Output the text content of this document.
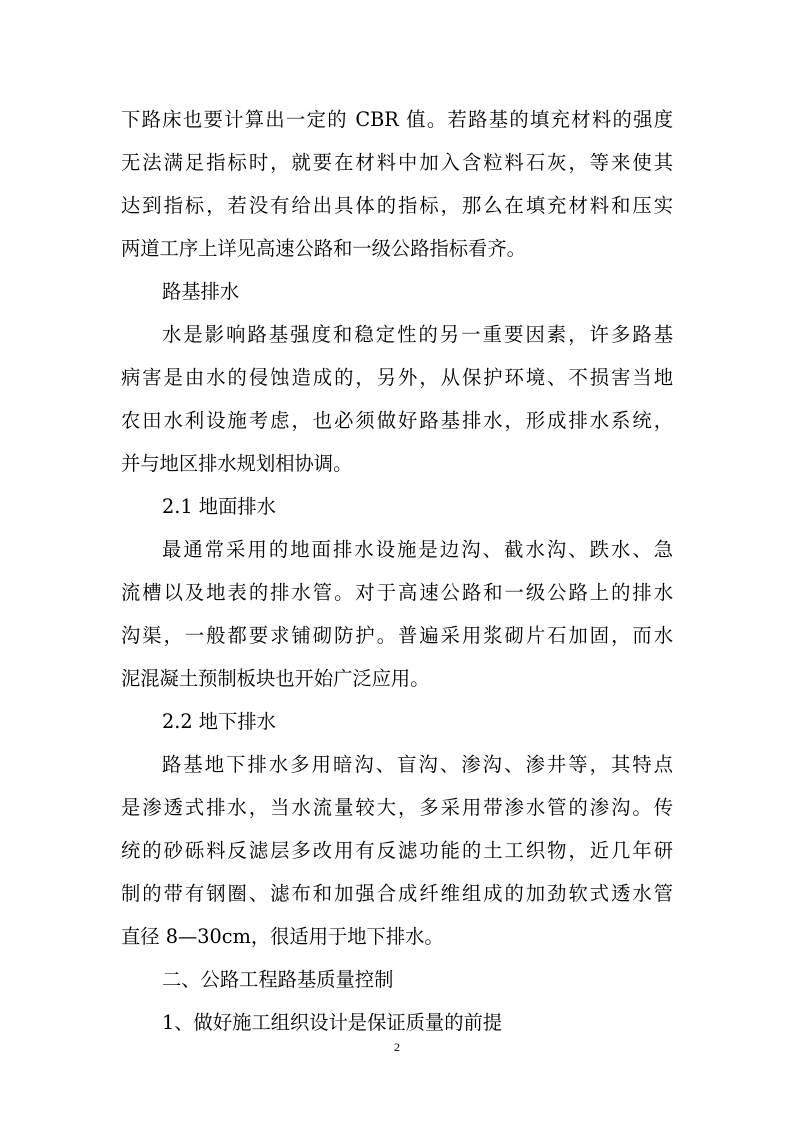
下路床也要计算出一定的 CBR 值。若路基的填充材料的强度
无法满足指标时，就要在材料中加入含粒料石灰，等来使其
达到指标，若没有给出具体的指标，那么在填充材料和压实
两道工序上详见高速公路和一级公路指标看齐。
路基排水
水是影响路基强度和稳定性的另一重要因素，许多路基
病害是由水的侵蚀造成的，另外，从保护环境、不损害当地
农田水利设施考虑，也必须做好路基排水，形成排水系统，
并与地区排水规划相协调。
2.1 地面排水
最通常采用的地面排水设施是边沟、截水沟、跌水、急
流槽以及地表的排水管。对于高速公路和一级公路上的排水
沟渠，一般都要求铺砌防护。普遍采用浆砌片石加固，而水
泥混凝土预制板块也开始广泛应用。
2.2 地下排水
路基地下排水多用暗沟、盲沟、渗沟、渗井等，其特点
是渗透式排水，当水流量较大，多采用带渗水管的渗沟。传
统的砂砾料反滤层多改用有反滤功能的土工织物，近几年研
制的带有钢圈、滤布和加强合成纤维组成的加劲软式透水管
直径 8—30cm，很适用于地下排水。
二、公路工程路基质量控制
1、做好施工组织设计是保证质量的前提
2
